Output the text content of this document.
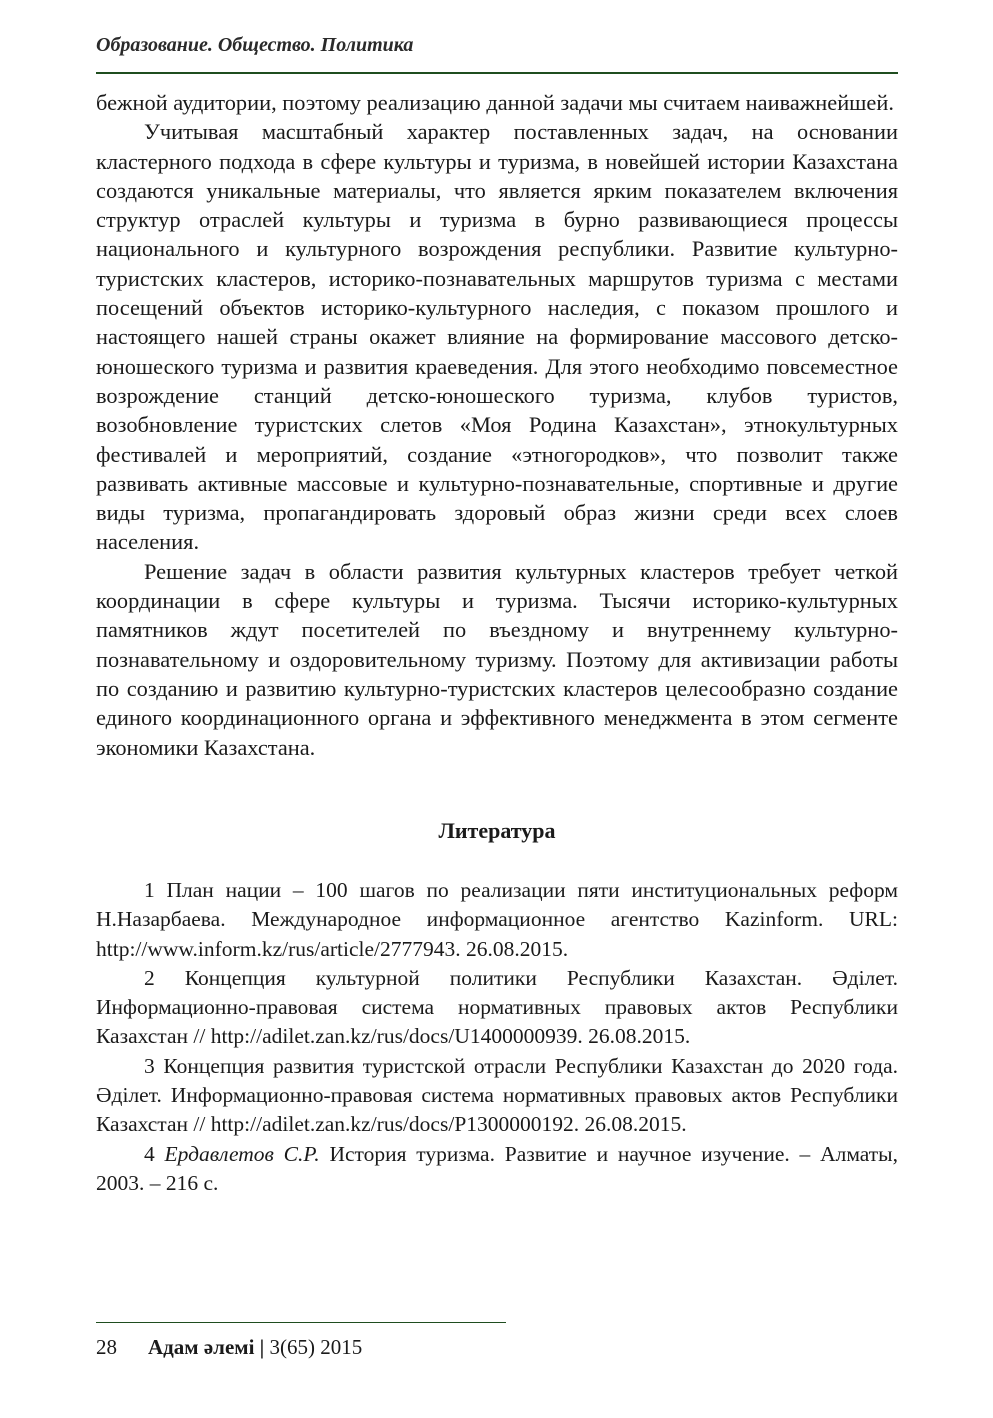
Образование. Общество. Политика

бежной аудитории, поэтому реализацию данной задачи мы считаем наиважнейшей.

Учитывая масштабный характер поставленных задач, на основании кластерного подхода в сфере культуры и туризма, в новейшей истории Казахстана создаются уникальные материалы, что является ярким показателем включения структур отраслей культуры и туризма в бурно развивающиеся процессы национального и культурного возрождения республики. Развитие культурно-туристских кластеров, историко-познавательных маршрутов туризма с местами посещений объектов историко-культурного наследия, с показом прошлого и настоящего нашей страны окажет влияние на формирование массового детско-юношеского туризма и развития краеведения. Для этого необходимо повсеместное возрождение станций детско-юношеского туризма, клубов туристов, возобновление туристских слетов «Моя Родина Казахстан», этнокультурных фестивалей и мероприятий, создание «этногородков», что позволит также развивать активные массовые и культурно-познавательные, спортивные и другие виды туризма, пропагандировать здоровый образ жизни среди всех слоев населения.

Решение задач в области развития культурных кластеров требует четкой координации в сфере культуры и туризма. Тысячи историко-культурных памятников ждут посетителей по въездному и внутреннему культурно-познавательному и оздоровительному туризму. Поэтому для активизации работы по созданию и развитию культурно-туристских кластеров целесообразно создание единого координационного органа и эффективного менеджмента в этом сегменте экономики Казахстана.

Литература

1 План нации – 100 шагов по реализации пяти институциональных реформ Н.Назарбаева. Международное информационное агентство Kazinform. URL: http://www.inform.kz/rus/article/2777943. 26.08.2015.

2 Концепция культурной политики Республики Казахстан. Әділет. Информационно-правовая система нормативных правовых актов Республики Казахстан // http://adilet.zan.kz/rus/docs/U1400000939. 26.08.2015.

3 Концепция развития туристской отрасли Республики Казахстан до 2020 года. Әділет. Информационно-правовая система нормативных правовых актов Республики Казахстан // http://adilet.zan.kz/rus/docs/P1300000192. 26.08.2015.

4 Ердавлетов С.Р. История туризма. Развитие и научное изучение. – Алматы, 2003. – 216 с.

28 Адам әлемі | 3(65) 2015
